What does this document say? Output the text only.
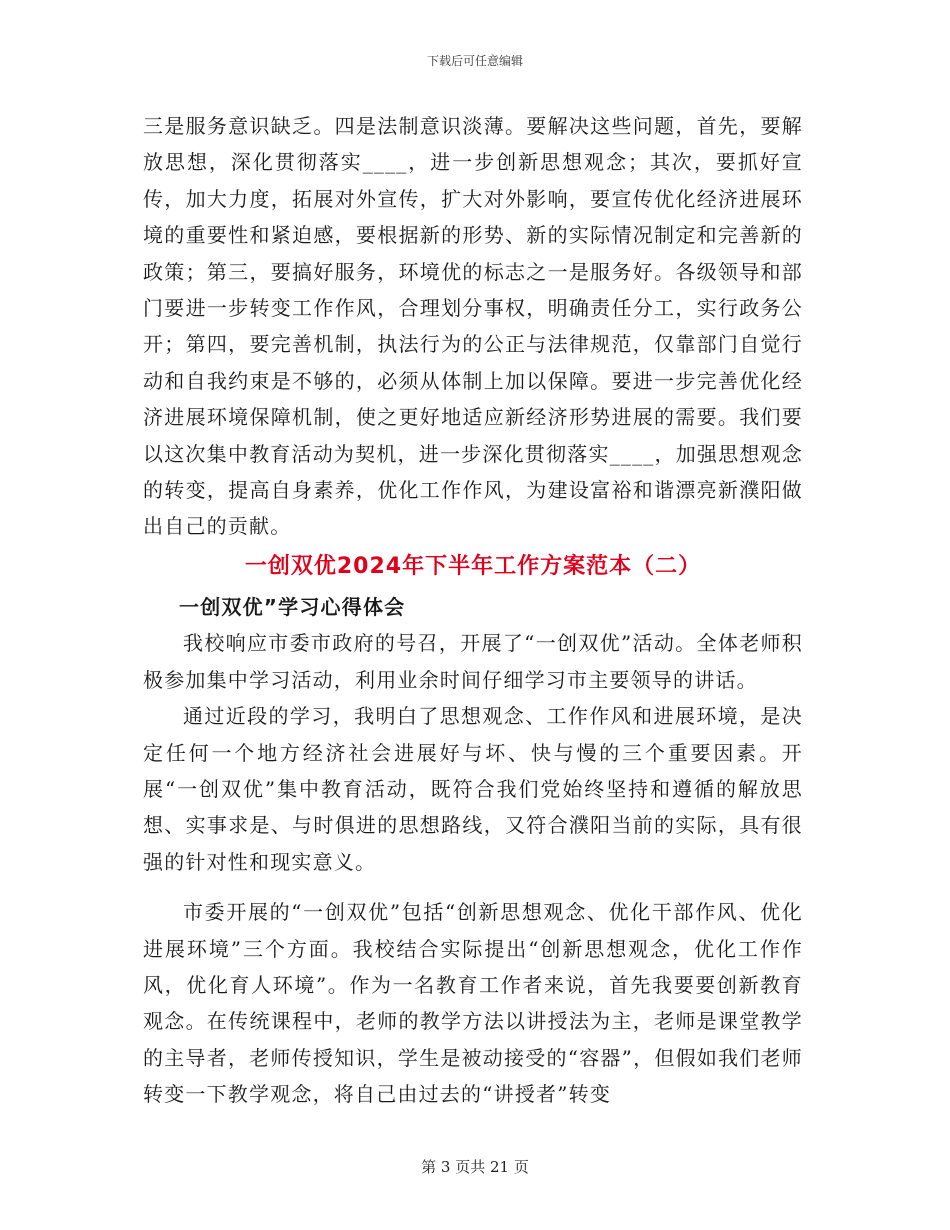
下载后可任意编辑

三是服务意识缺乏。四是法制意识淡薄。要解决这些问题，首先，要解放思想，深化贯彻落实____，进一步创新思想观念；其次，要抓好宣传，加大力度，拓展对外宣传，扩大对外影响，要宣传优化经济进展环境的重要性和紧迫感，要根据新的形势、新的实际情况制定和完善新的政策；第三，要搞好服务，环境优的标志之一是服务好。各级领导和部门要进一步转变工作作风，合理划分事权，明确责任分工，实行政务公开；第四，要完善机制，执法行为的公正与法律规范，仅靠部门自觉行动和自我约束是不够的，必须从体制上加以保障。要进一步完善优化经济进展环境保障机制，使之更好地适应新经济形势进展的需要。我们要以这次集中教育活动为契机，进一步深化贯彻落实____，加强思想观念的转变，提高自身素养，优化工作作风，为建设富裕和谐漂亮新濮阳做出自己的贡献。

一创双优2024年下半年工作方案范本（二）

一创双优”学习心得体会

我校响应市委市政府的号召，开展了“一创双优”活动。全体老师积极参加集中学习活动，利用业余时间仔细学习市主要领导的讲话。

通过近段的学习，我明白了思想观念、工作作风和进展环境，是决定任何一个地方经济社会进展好与坏、快与慢的三个重要因素。开展“一创双优”集中教育活动，既符合我们党始终坚持和遵循的解放思想、实事求是、与时俱进的思想路线，又符合濮阳当前的实际，具有很强的针对性和现实意义。

市委开展的“一创双优”包括“创新思想观念、优化干部作风、优化进展环境”三个方面。我校结合实际提出“创新思想观念，优化工作作风，优化育人环境”。作为一名教育工作者来说，首先我要要创新教育观念。在传统课程中，老师的教学方法以讲授法为主，老师是课堂教学的主导者，老师传授知识，学生是被动接受的“容器”，但假如我们老师转变一下教学观念，将自己由过去的“讲授者”转变

第 3 页共 21 页
